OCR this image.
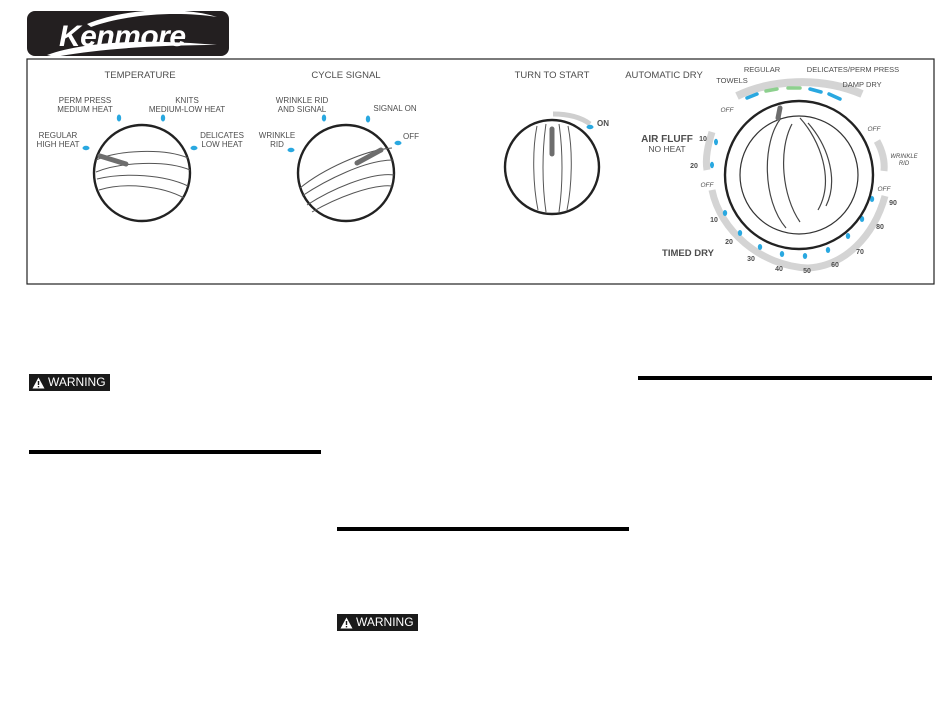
Kenmore
TEMPERATURE
REGULAR
HIGH HEAT
PERM PRESS
MEDIUM HEAT
KNITS
MEDIUM-LOW HEAT
DELICATES
LOW HEAT
CYCLE SIGNAL
WRINKLE
RID
WRINKLE RID
AND SIGNAL	SIGNAL ON
OFF
TURN TO START
ON
AUTOMATIC DRY
REGULAR
TOWELS
DELICATES/PERM PRESS
DAMP DRY
OFF
OFF
WRINKLE
RID
AIR FLUFF
NO HEAT
10
20
OFF
OFF
10
20
30
40	50
60
70
80
90
TIMED DRY
WARNING
WARNING
